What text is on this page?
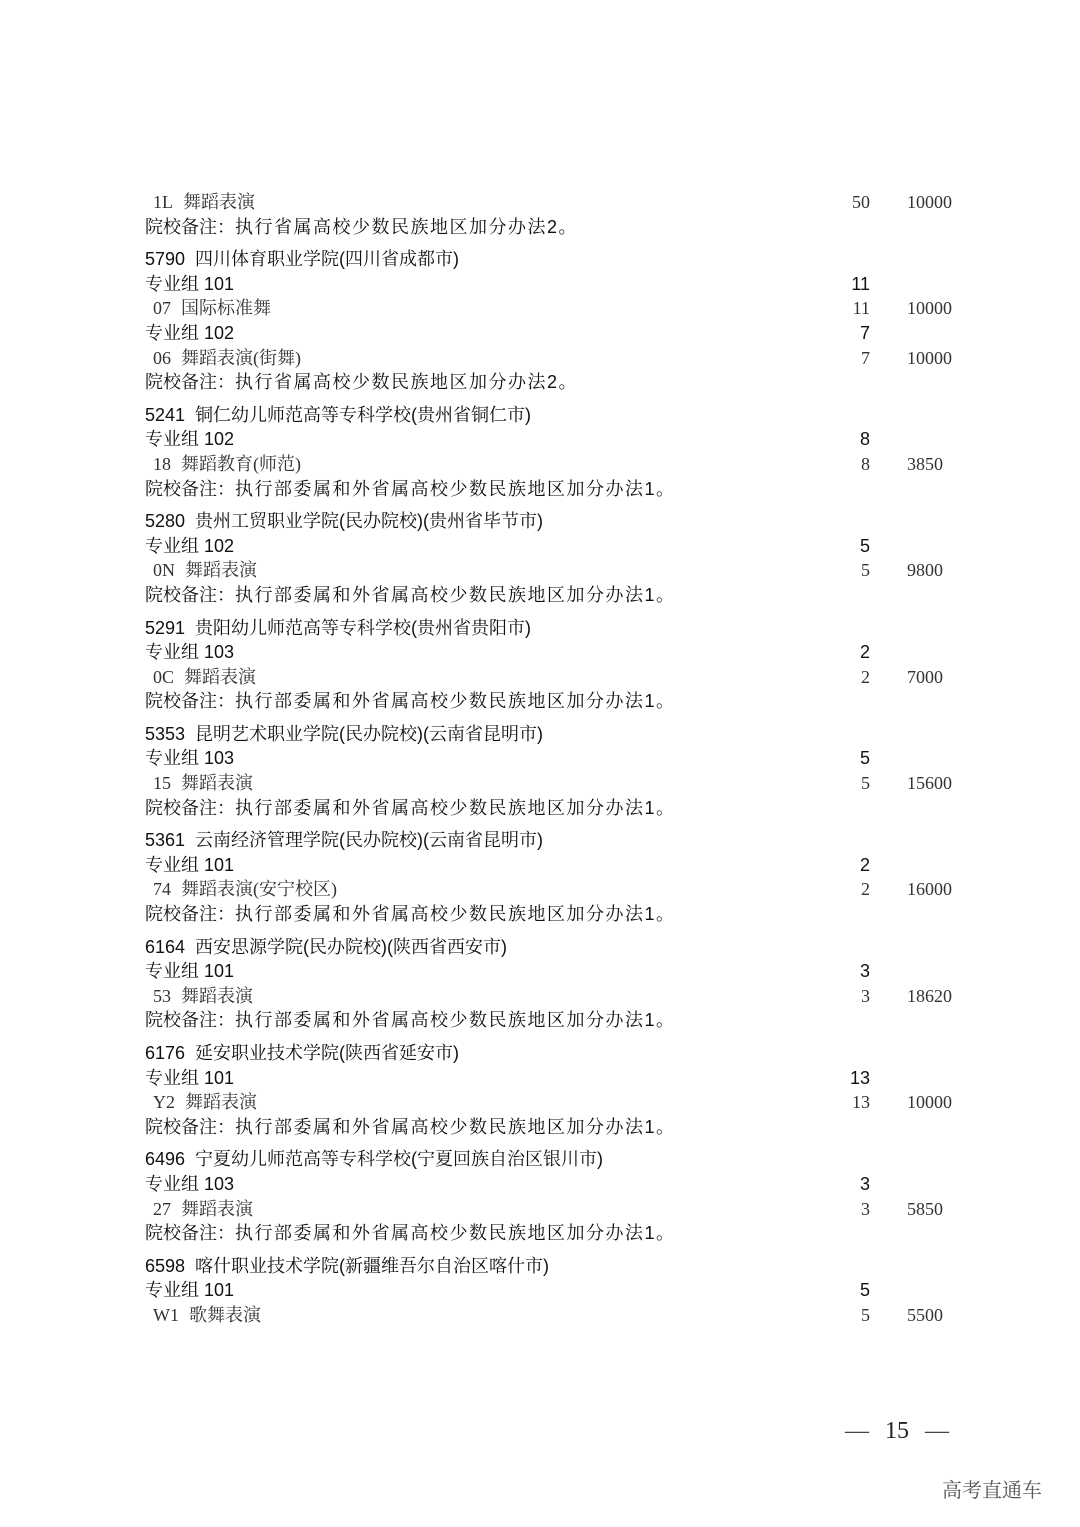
1L 舞蹈表演	50 10000
院校备注：执行省属高校少数民族地区加分办法2。
5790 四川体育职业学院(四川省成都市)
专业组 101	11
07 国际标准舞	11 10000
专业组 102	7
06 舞蹈表演(街舞)	7 10000
院校备注：执行省属高校少数民族地区加分办法2。
5241 铜仁幼儿师范高等专科学校(贵州省铜仁市)
专业组 102	8
18 舞蹈教育(师范)	8 3850
院校备注：执行部委属和外省属高校少数民族地区加分办法1。
5280 贵州工贸职业学院(民办院校)(贵州省毕节市)
专业组 102	5
0N 舞蹈表演	5 9800
院校备注：执行部委属和外省属高校少数民族地区加分办法1。
5291 贵阳幼儿师范高等专科学校(贵州省贵阳市)
专业组 103	2
0C 舞蹈表演	2 7000
院校备注：执行部委属和外省属高校少数民族地区加分办法1。
5353 昆明艺术职业学院(民办院校)(云南省昆明市)
专业组 103	5
15 舞蹈表演	5 15600
院校备注：执行部委属和外省属高校少数民族地区加分办法1。
5361 云南经济管理学院(民办院校)(云南省昆明市)
专业组 101	2
74 舞蹈表演(安宁校区)	2 16000
院校备注：执行部委属和外省属高校少数民族地区加分办法1。
6164 西安思源学院(民办院校)(陕西省西安市)
专业组 101	3
53 舞蹈表演	3 18620
院校备注：执行部委属和外省属高校少数民族地区加分办法1。
6176 延安职业技术学院(陕西省延安市)
专业组 101	13
Y2 舞蹈表演	13 10000
院校备注：执行部委属和外省属高校少数民族地区加分办法1。
6496 宁夏幼儿师范高等专科学校(宁夏回族自治区银川市)
专业组 103	3
27 舞蹈表演	3 5850
院校备注：执行部委属和外省属高校少数民族地区加分办法1。
6598 喀什职业技术学院(新疆维吾尔自治区喀什市)
专业组 101	5
W1 歌舞表演	5 5500
— 15 —
高考直通车
